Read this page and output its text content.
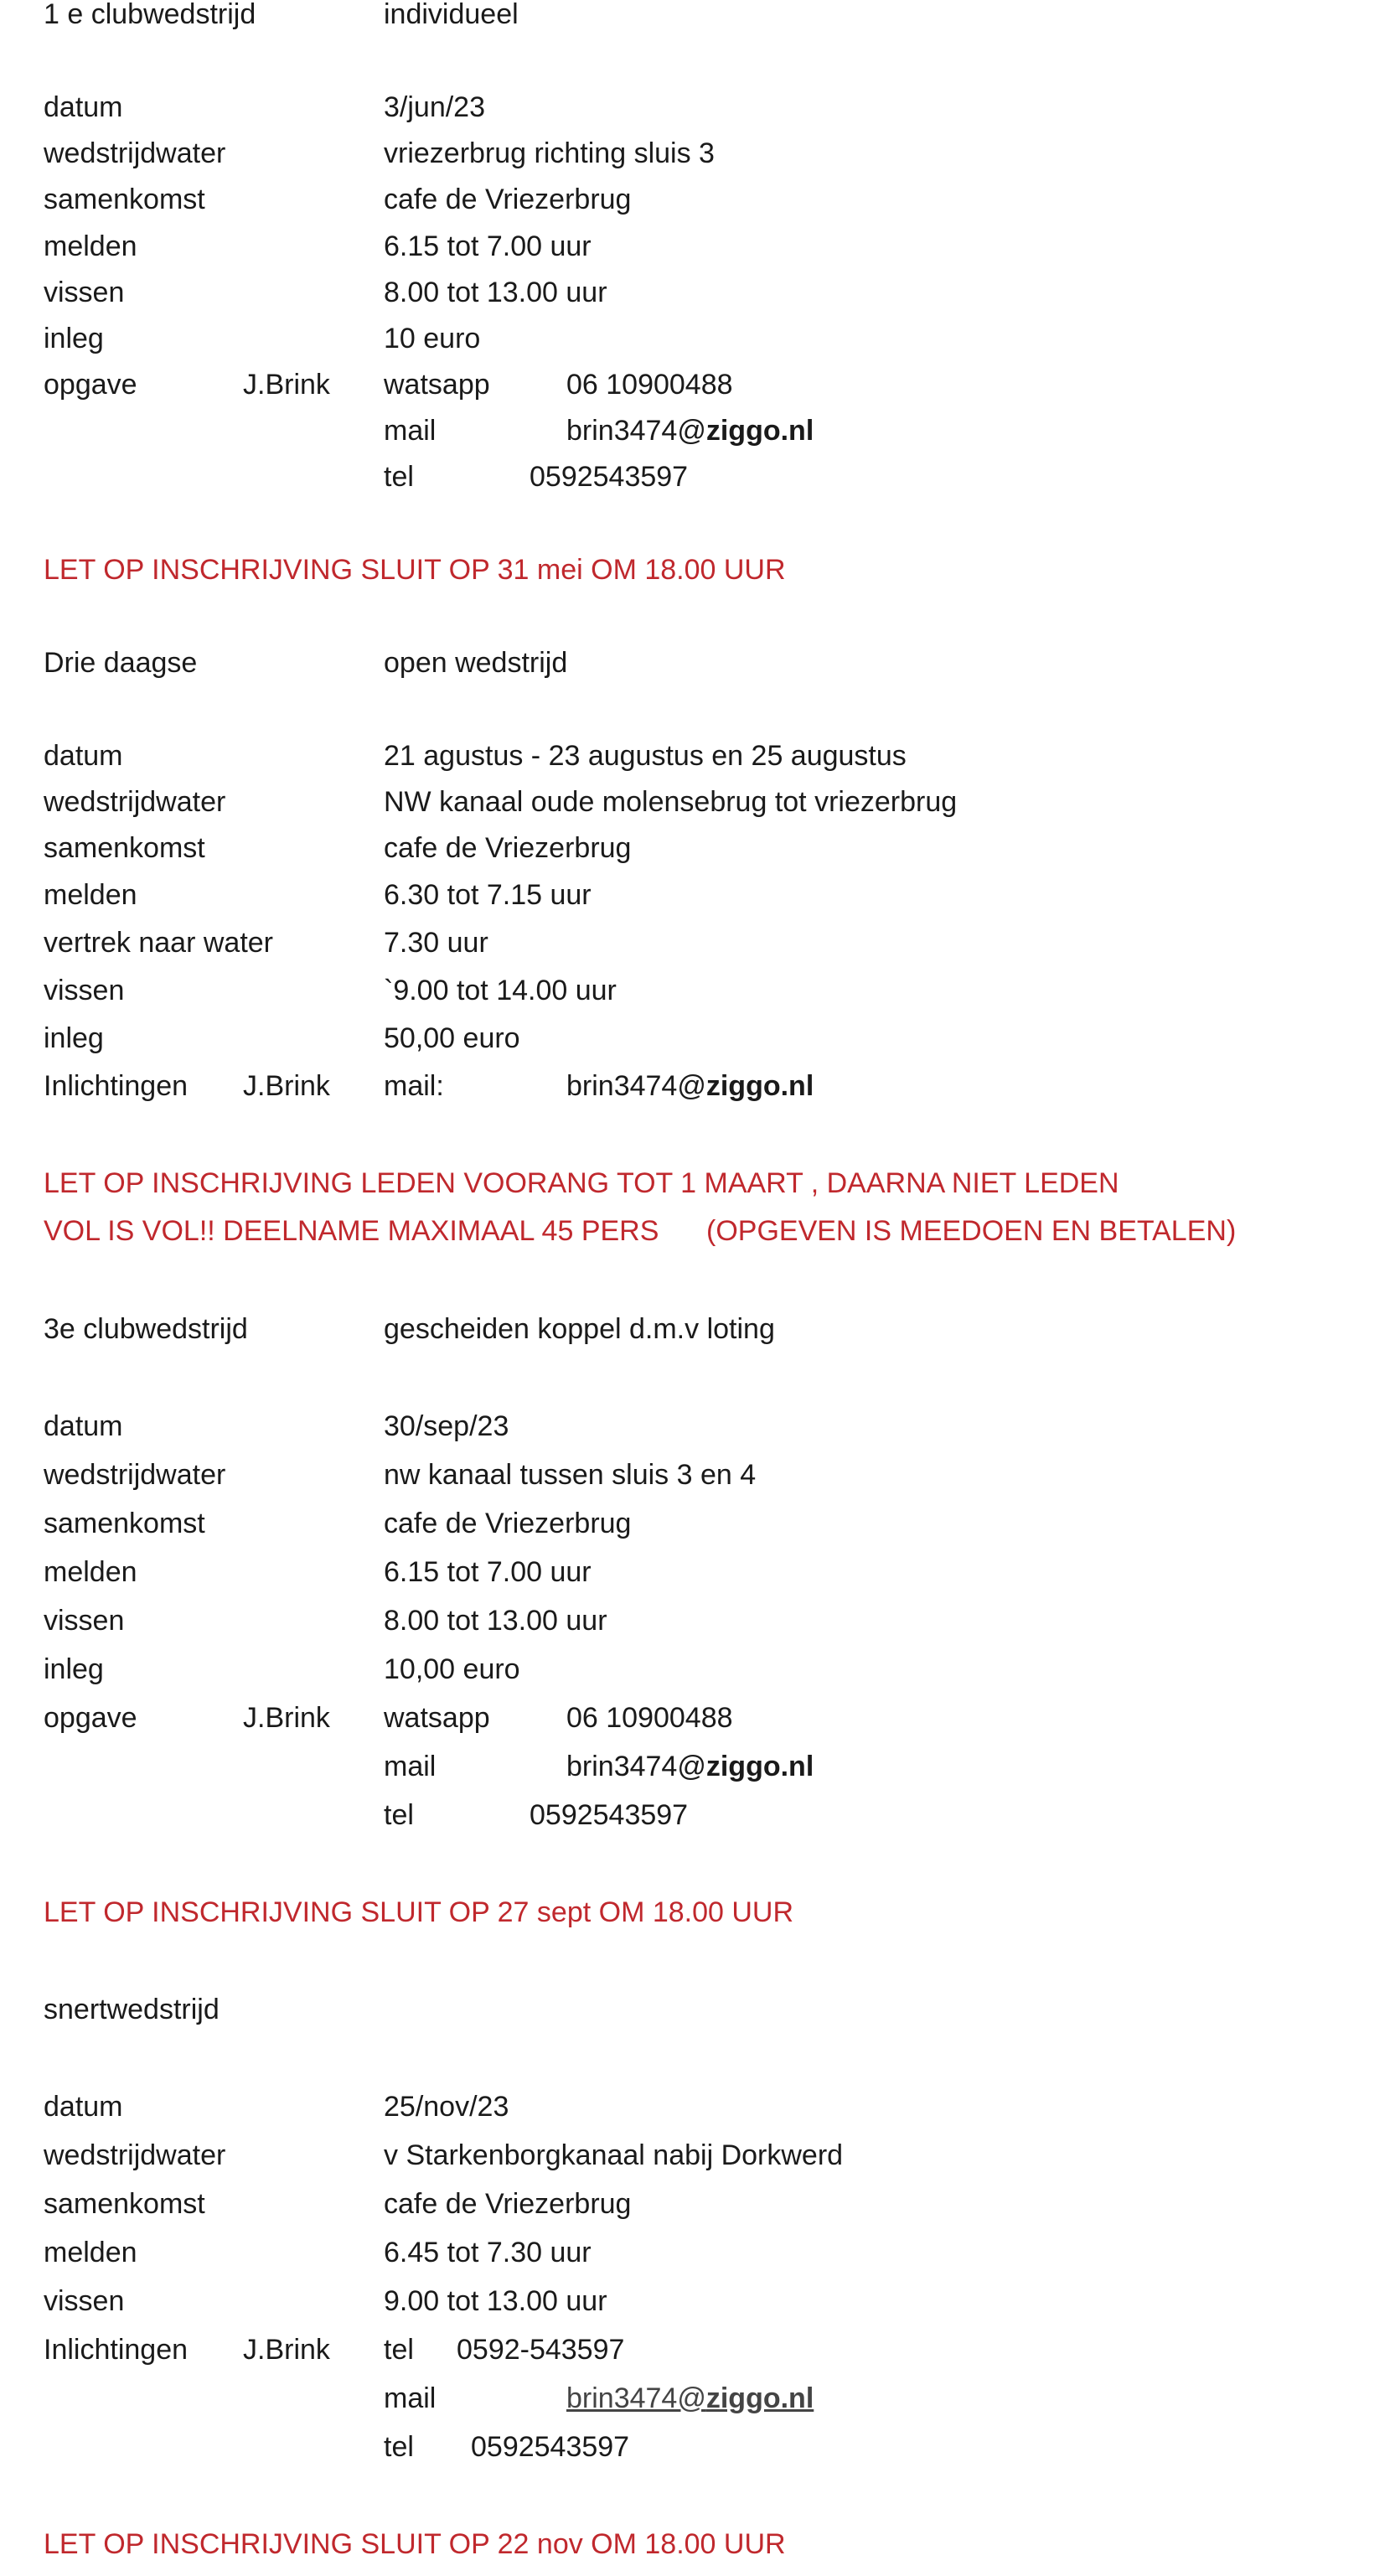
1 e clubwedstrijd	individueel
datum	3/jun/23
wedstrijdwater	vriezerbrug richting sluis 3
samenkomst	cafe de Vriezerbrug
melden	6.15 tot 7.00 uur
vissen	8.00 tot 13.00 uur
inleg	10 euro
opgave	J.Brink watsapp	06 10900488
mail	brin3474@ziggo.nl
tel	0592543597
LET OP INSCHRIJVING SLUIT OP 31 mei OM 18.00 UUR
Drie daagse	open wedstrijd
datum	21 agustus - 23 augustus en 25 augustus
wedstrijdwater	NW kanaal oude molensebrug tot vriezerbrug
samenkomst	cafe de Vriezerbrug
melden	6.30 tot 7.15 uur
vertrek naar water	7.30 uur
vissen	`9.00 tot 14.00 uur
inleg	50,00 euro
Inlichtingen J.Brink mail:	brin3474@ziggo.nl
LET OP INSCHRIJVING LEDEN VOORANG TOT 1 MAART , DAARNA NIET LEDEN
VOL IS VOL!! DEELNAME MAXIMAAL 45 PERS (OPGEVEN IS MEEDOEN EN BETALEN)
3e clubwedstrijd	gescheiden koppel d.m.v loting
datum	30/sep/23
wedstrijdwater	nw kanaal tussen sluis 3 en 4
samenkomst	cafe de Vriezerbrug
melden	6.15 tot 7.00 uur
vissen	8.00 tot 13.00 uur
inleg	10,00 euro
opgave	J.Brink watsapp	06 10900488
mail	brin3474@ziggo.nl
tel	0592543597
LET OP INSCHRIJVING SLUIT OP 27 sept OM 18.00 UUR
snertwedstrijd
datum	25/nov/23
wedstrijdwater	v Starkenborgkanaal nabij Dorkwerd
samenkomst	cafe de Vriezerbrug
melden	6.45 tot 7.30 uur
vissen	9.00 tot 13.00 uur
Inlichtingen J.Brink tel 0592-543597
mail	brin3474@ziggo.nl
tel 0592543597
LET OP INSCHRIJVING SLUIT OP 22 nov OM 18.00 UUR
